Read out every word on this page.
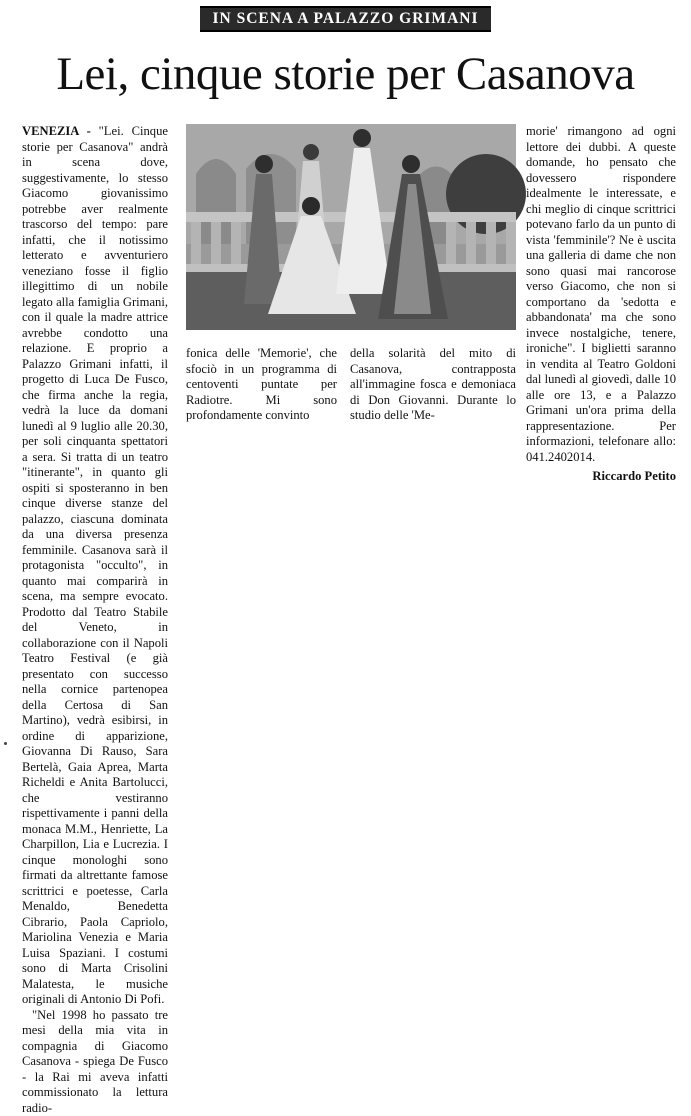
IN SCENA A PALAZZO GRIMANI
Lei, cinque storie per Casanova

VENEZIA - "Lei. Cinque storie per Casanova" andrà in scena dove, suggestivamente, lo stesso Giacomo giovanissimo potrebbe aver realmente trascorso del tempo: pare infatti, che il notissimo letterato e avventuriero veneziano fosse il figlio illegittimo di un nobile legato alla famiglia Grimani, con il quale la madre attrice avrebbe condotto una relazione. E proprio a Palazzo Grimani infatti, il progetto di Luca De Fusco, che firma anche la regia, vedrà la luce da domani lunedì al 9 luglio alle 20.30, per soli cinquanta spettatori a sera. Si tratta di un teatro "itinerante", in quanto gli ospiti si sposteranno in ben cinque diverse stanze del palazzo, ciascuna dominata da una diversa presenza femminile. Casanova sarà il protagonista "occulto", in quanto mai comparirà in scena, ma sempre evocato. Prodotto dal Teatro Stabile del Veneto, in collaborazione con il Napoli Teatro Festival (e già presentato con successo nella cornice partenopea della Certosa di San Martino), vedrà esibirsi, in ordine di apparizione, Giovanna Di Rauso, Sara Bertelà, Gaia Aprea, Marta Richeldi e Anita Bartolucci, che vestiranno rispettivamente i panni della monaca M.M., Henriette, La Charpillon, Lia e Lucrezia. I cinque monologhi sono firmati da altrettante famose scrittrici e poetesse, Carla Menaldo, Benedetta Cibrario, Paola Capriolo, Mariolina Venezia e Maria Luisa Spaziani. I costumi sono di Marta Crisolini Malatesta, le musiche originali di Antonio Di Pofi.

"Nel 1998 ho passato tre mesi della mia vita in compagnia di Giacomo Casanova - spiega De Fusco - la Rai mi aveva infatti commissionato la lettura radio-

fonica delle 'Memorie', che sfociò in un programma di centoventi puntate per Radiotre. Mi sono profondamente convinto

della solarità del mito di Casanova, contrapposta all'immagine fosca e demoniaca di Don Giovanni. Durante lo studio delle 'Me-

morie' rimangono ad ogni lettore dei dubbi. A queste domande, ho pensato che dovessero rispondere idealmente le interessate, e chi meglio di cinque scrittrici potevano farlo da un punto di vista 'femminile'? Ne è uscita una galleria di dame che non sono quasi mai rancorose verso Giacomo, che non si comportano da 'sedotta e abbandonata' ma che sono invece nostalgiche, tenere, ironiche". I biglietti saranno in vendita al Teatro Goldoni dal lunedì al giovedì, dalle 10 alle ore 13, e a Palazzo Grimani un'ora prima della rappresentazione. Per informazioni, telefonare allo: 041.2402014.

Riccardo Petito
